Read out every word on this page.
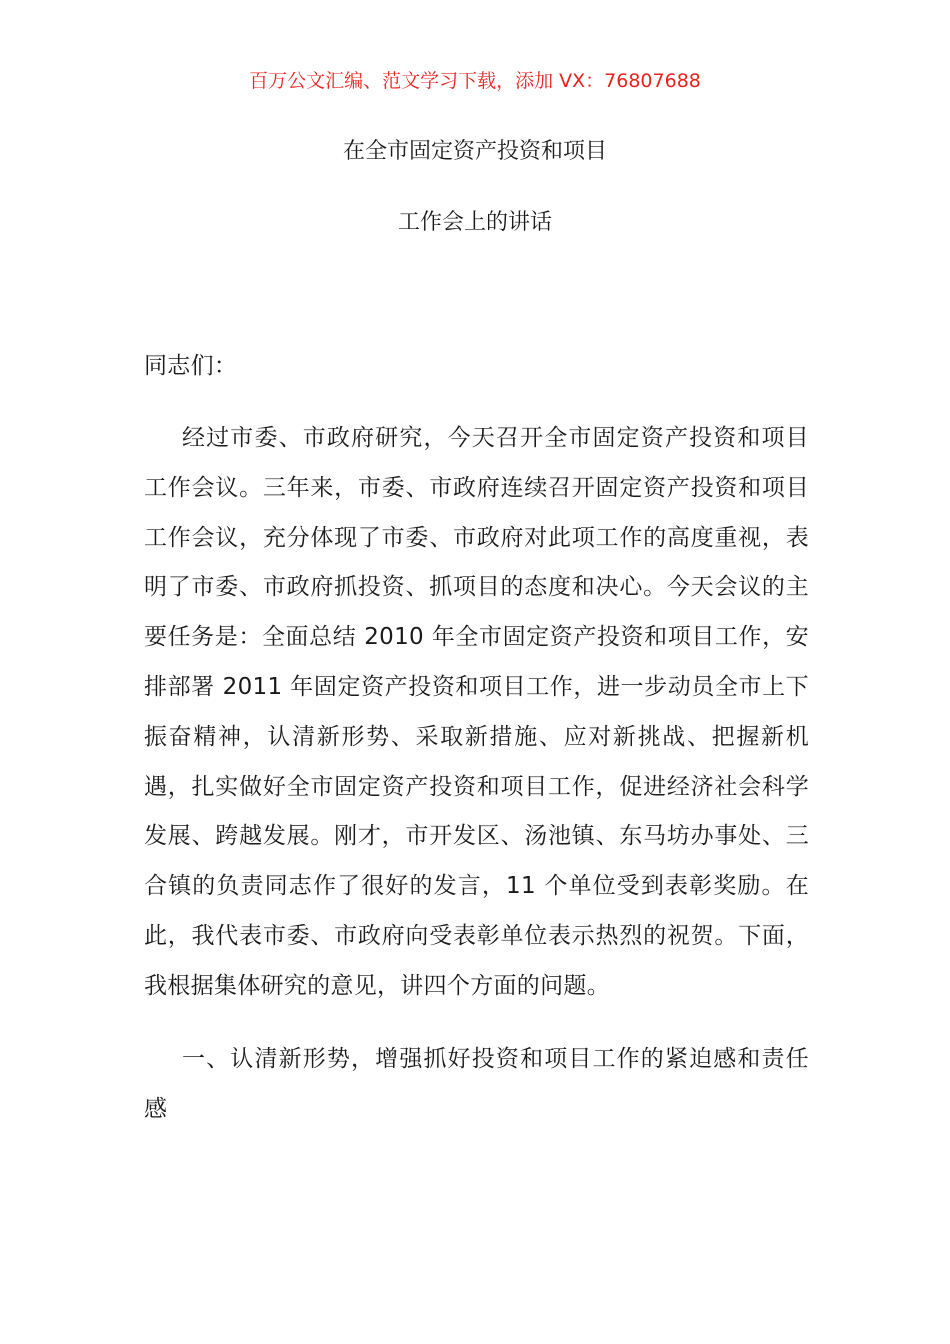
百万公文汇编、范文学习下载，添加 VX：76807688
在全市固定资产投资和项目
工作会上的讲话
同志们：
经过市委、市政府研究，今天召开全市固定资产投资和项目工作会议。三年来，市委、市政府连续召开固定资产投资和项目工作会议，充分体现了市委、市政府对此项工作的高度重视，表明了市委、市政府抓投资、抓项目的态度和决心。今天会议的主要任务是：全面总结 2010 年全市固定资产投资和项目工作，安排部署 2011 年固定资产投资和项目工作，进一步动员全市上下振奋精神，认清新形势、采取新措施、应对新挑战、把握新机遇，扎实做好全市固定资产投资和项目工作，促进经济社会科学发展、跨越发展。刚才，市开发区、汤池镇、东马坊办事处、三合镇的负责同志作了很好的发言，11 个单位受到表彰奖励。在此，我代表市委、市政府向受表彰单位表示热烈的祝贺。下面，我根据集体研究的意见，讲四个方面的问题。
一、认清新形势，增强抓好投资和项目工作的紧迫感和责任感
